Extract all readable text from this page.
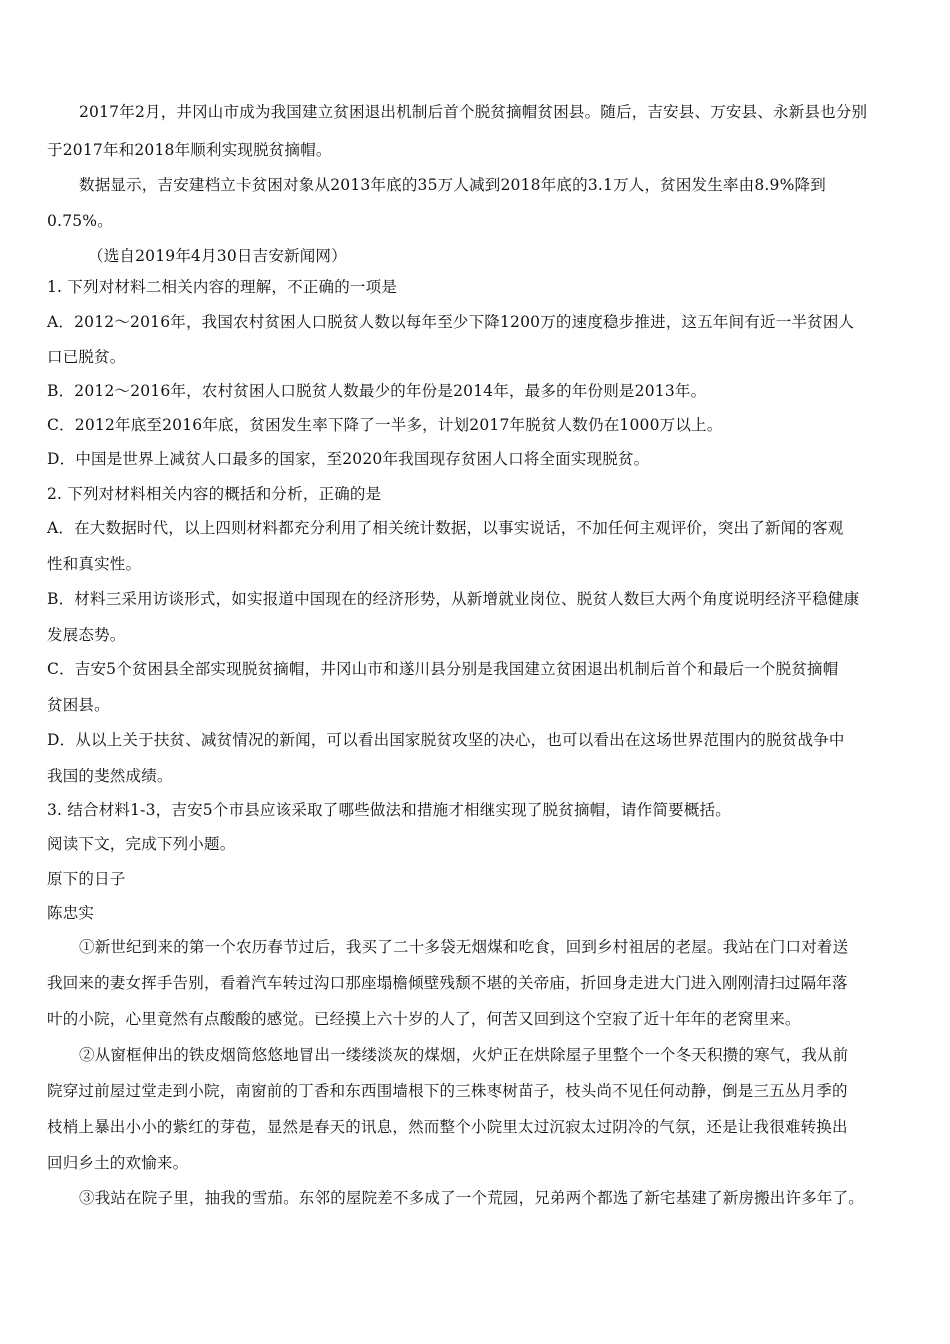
2017年2月，井冈山市成为我国建立贫困退出机制后首个脱贫摘帽贫困县。随后，吉安县、万安县、永新县也分别
于2017年和2018年顺利实现脱贫摘帽。
数据显示，吉安建档立卡贫困对象从2013年底的35万人减到2018年底的3.1万人，贫困发生率由8.9%降到
0.75%。
（选自2019年4月30日吉安新闻网）
1. 下列对材料二相关内容的理解，不正确的一项是
A．2012～2016年，我国农村贫困人口脱贫人数以每年至少下降1200万的速度稳步推进，这五年间有近一半贫困人
口已脱贫。
B．2012～2016年，农村贫困人口脱贫人数最少的年份是2014年，最多的年份则是2013年。
C．2012年底至2016年底，贫困发生率下降了一半多，计划2017年脱贫人数仍在1000万以上。
D．中国是世界上减贫人口最多的国家，至2020年我国现存贫困人口将全面实现脱贫。
2. 下列对材料相关内容的概括和分析，正确的是
A．在大数据时代，以上四则材料都充分利用了相关统计数据，以事实说话，不加任何主观评价，突出了新闻的客观
性和真实性。
B．材料三采用访谈形式，如实报道中国现在的经济形势，从新增就业岗位、脱贫人数巨大两个角度说明经济平稳健康
发展态势。
C．吉安5个贫困县全部实现脱贫摘帽，井冈山市和遂川县分别是我国建立贫困退出机制后首个和最后一个脱贫摘帽
贫困县。
D．从以上关于扶贫、减贫情况的新闻，可以看出国家脱贫攻坚的决心，也可以看出在这场世界范围内的脱贫战争中
我国的斐然成绩。
3. 结合材料1-3，吉安5个市县应该采取了哪些做法和措施才相继实现了脱贫摘帽，请作简要概括。
阅读下文，完成下列小题。
原下的日子
陈忠实
①新世纪到来的第一个农历春节过后，我买了二十多袋无烟煤和吃食，回到乡村祖居的老屋。我站在门口对着送
我回来的妻女挥手告别，看着汽车转过沟口那座塌檐倾壁残颓不堪的关帝庙，折回身走进大门进入刚刚清扫过隔年落
叶的小院，心里竟然有点酸酸的感觉。已经摸上六十岁的人了，何苦又回到这个空寂了近十年年的老窝里来。
②从窗框伸出的铁皮烟筒悠悠地冒出一缕缕淡灰的煤烟，火炉正在烘除屋子里整个一个冬天积攒的寒气，我从前
院穿过前屋过堂走到小院，南窗前的丁香和东西围墙根下的三株枣树苗子，枝头尚不见任何动静，倒是三五丛月季的
枝梢上暴出小小的紫红的芽苞，显然是春天的讯息，然而整个小院里太过沉寂太过阴冷的气氛，还是让我很难转换出
回归乡土的欢愉来。
③我站在院子里，抽我的雪茄。东邻的屋院差不多成了一个荒园，兄弟两个都选了新宅基建了新房搬出许多年了。
